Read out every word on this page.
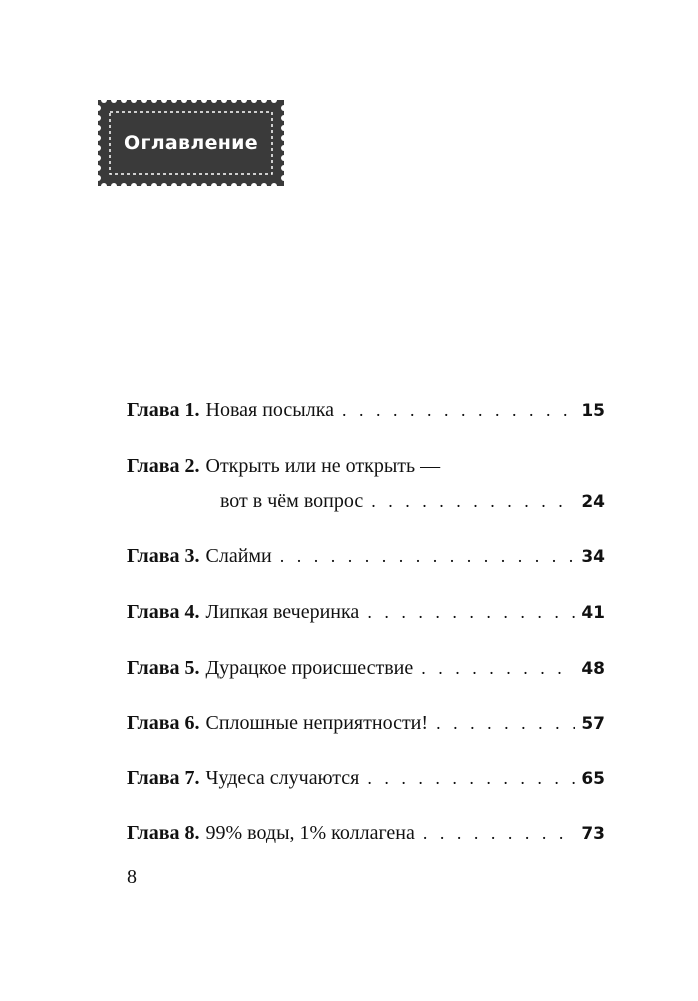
Оглавление
Глава 1. Новая посылка . . .	15
Глава 2. Открыть или не открыть —
вот в чём вопрос . . .	24
Глава 3. Слайми . . .	34
Глава 4. Липкая вечеринка . . .	41
Глава 5. Дурацкое происшествие . . .	48
Глава 6. Сплошные неприятности! . . .	57
Глава 7. Чудеса случаются . . .	65
Глава 8. 99% воды, 1% коллагена . . .	73
8
